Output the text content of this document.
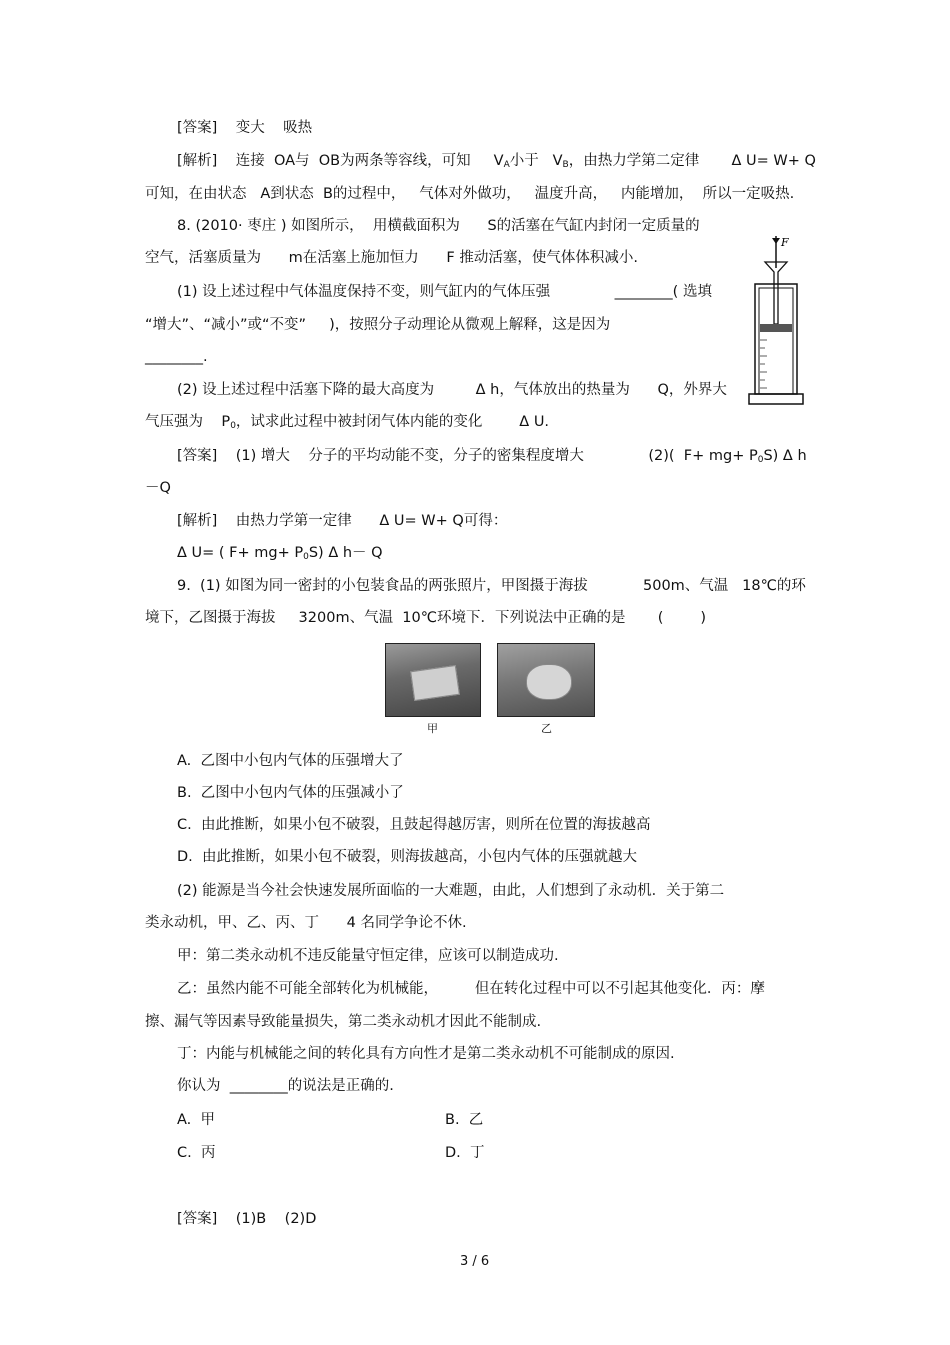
[答案]    变大    吸热
[解析]    连接  OA与  OB为两条等容线，可知     $V_A$小于   $V_B$，由热力学第二定律       Δ U= W+ Q
可知，在由状态   A到状态  B的过程中，   气体对外做功，   温度升高，   内能增加，  所以一定吸热.
8. (2010· 枣庄 ) 如图所示，  用横截面积为      S的活塞在气缸内封闭一定质量的
空气，活塞质量为      m在活塞上施加恒力      F 推动活塞，使气体体积减小.
(1) 设上述过程中气体温度保持不变，则气缸内的气体压强              ________( 选填
“增大”、“减小”或“不变”     )，按照分子动理论从微观上解释，这是因为
________.
(2) 设上述过程中活塞下降的最大高度为         Δ h，气体放出的热量为      Q，外界大
气压强为    $P_0$，试求此过程中被封闭气体内能的变化        Δ U.
[答案]    (1) 增大    分子的平均动能不变，分子的密集程度增大              (2)(  $F+ mg+ P_0S$) Δ h
－Q
[解析]    由热力学第一定律      Δ U= W+ Q可得：
Δ U= ( $F+ mg+ P_0S$) Δ h－ Q
F
9.  (1) 如图为同一密封的小包装食品的两张照片，甲图摄于海拔            500m、气温   18℃的环
境下，乙图摄于海拔     3200m、气温  10℃环境下．下列说法中正确的是       (        )
甲	乙
A.  乙图中小包内气体的压强增大了
B.  乙图中小包内气体的压强减小了
C.  由此推断，如果小包不破裂，且鼓起得越厉害，则所在位置的海拔越高
D.  由此推断，如果小包不破裂，则海拔越高，小包内气体的压强就越大
(2) 能源是当今社会快速发展所面临的一大难题，由此，人们想到了永动机．关于第二
类永动机，甲、乙、丙、丁      4 名同学争论不休.
甲：第二类永动机不违反能量守恒定律，应该可以制造成功.
乙：虽然内能不可能全部转化为机械能，        但在转化过程中可以不引起其他变化．丙：摩
擦、漏气等因素导致能量损失，第二类永动机才因此不能制成.
丁：内能与机械能之间的转化具有方向性才是第二类永动机不可能制成的原因.
你认为  ________的说法是正确的.
A.  甲	B.  乙
C.  丙	D.  丁
[答案]    (1)B    (2)D
3 / 6
